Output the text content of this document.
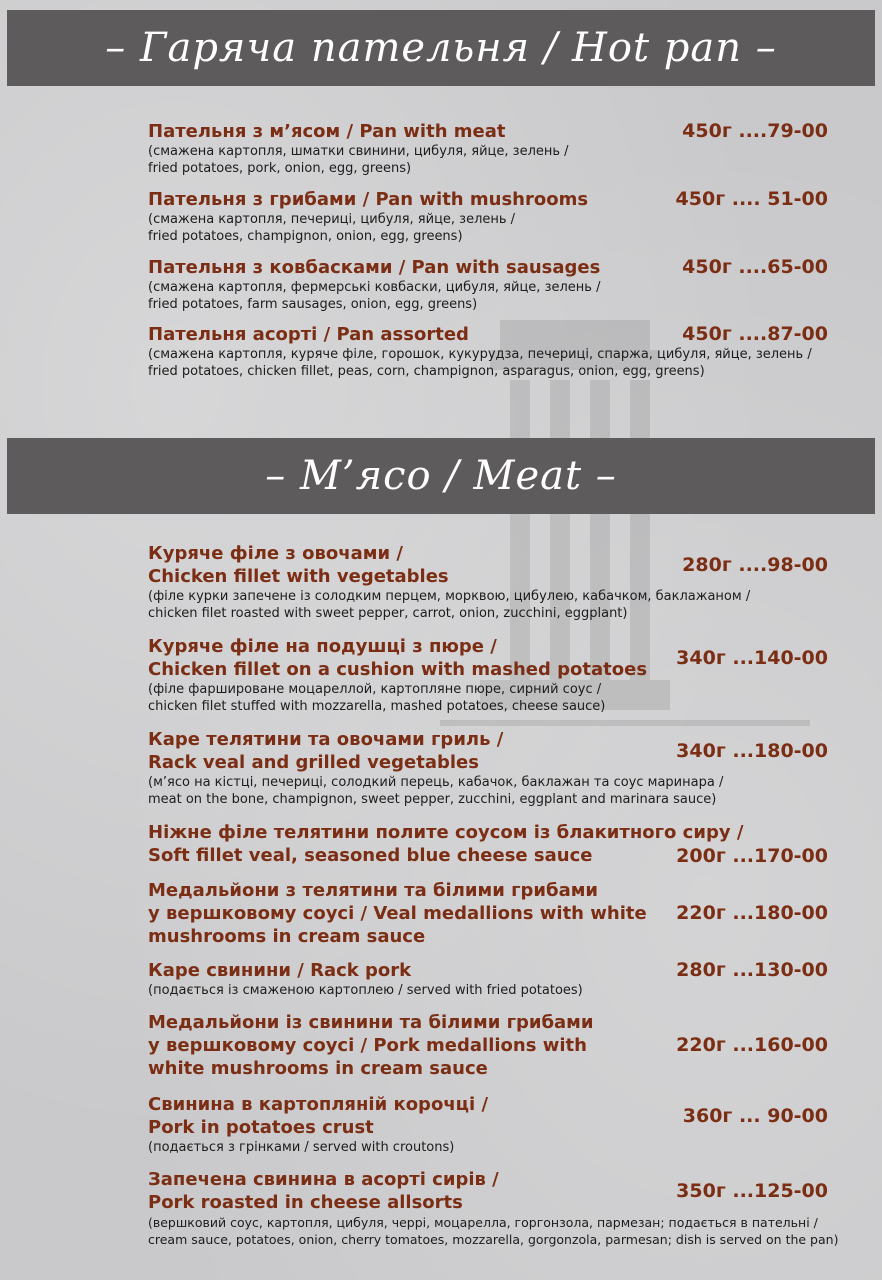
– Гаряча пательня / Hot pan –
Пательня з м’ясом / Pan with meat	450г ....79-00
(смажена картопля, шматки свинини, цибуля, яйце, зелень /
fried potatoes, pork, onion, egg, greens)
Пательня з грибами / Pan with mushrooms	450г .... 51-00
(смажена картопля, печериці, цибуля, яйце, зелень /
fried potatoes, champignon, onion, egg, greens)
Пательня з ковбасками / Pan with sausages	450г ....65-00
(смажена картопля, фермерські ковбаски, цибуля, яйце, зелень /
fried potatoes, farm sausages, onion, egg, greens)
Пательня асорті / Pan assorted	450г ....87-00
(смажена картопля, куряче філе, горошок, кукурудза, печериці, спаржа, цибуля, яйце, зелень /
fried potatoes, chicken fillet, peas, corn, champignon, asparagus, onion, egg, greens)
– М’ясо / Meat –
Куряче філе з овочами /
Chicken fillet with vegetables
280г ....98-00
(філе курки запечене із солодким перцем, морквою, цибулею, кабачком, баклажаном /
chicken filet roasted with sweet pepper, carrot, onion, zucchini, eggplant)
Куряче філе на подушці з пюре /
Chicken fillet on a cushion with mashed potatoes
340г ...140-00
(філе фаршироване моцареллой, картопляне пюре, сирний соус /
chicken filet stuffed with mozzarella, mashed potatoes, cheese sauce)
Каре телятини та овочами гриль /
Rack veal and grilled vegetables
340г ...180-00
(м’ясо на кістці, печериці, солодкий перець, кабачок, баклажан та соус маринара /
meat on the bone, champignon, sweet pepper, zucchini, eggplant and marinara sauce)
Ніжне філе телятини полите соусом із блакитного сиру /
Soft fillet veal, seasoned blue cheese sauce	200г ...170-00
Медальйони з телятини та білими грибами
у вершковому соусі / Veal medallions with white
mushrooms in cream sauce
220г ...180-00
Каре свинини / Rack pork	280г ...130-00
(подається із смаженою картоплею / served with fried potatoes)
Медальйони із свинини та білими грибами
у вершковому соусі / Pork medallions with
white mushrooms in cream sauce
220г ...160-00
Свинина в картопляній корочці /
Pork in potatoes crust
360г ... 90-00
(подається з грінками / served with croutons)
Запечена свинина в асорті сирів /
Pork roasted in cheese allsorts
350г ...125-00
(вершковий соус, картопля, цибуля, черрі, моцарелла, горгонзола, пармезан; подається в пательні /
cream sauce, potatoes, onion, cherry tomatoes, mozzarella, gorgonzola, parmesan; dish is served on the pan)
